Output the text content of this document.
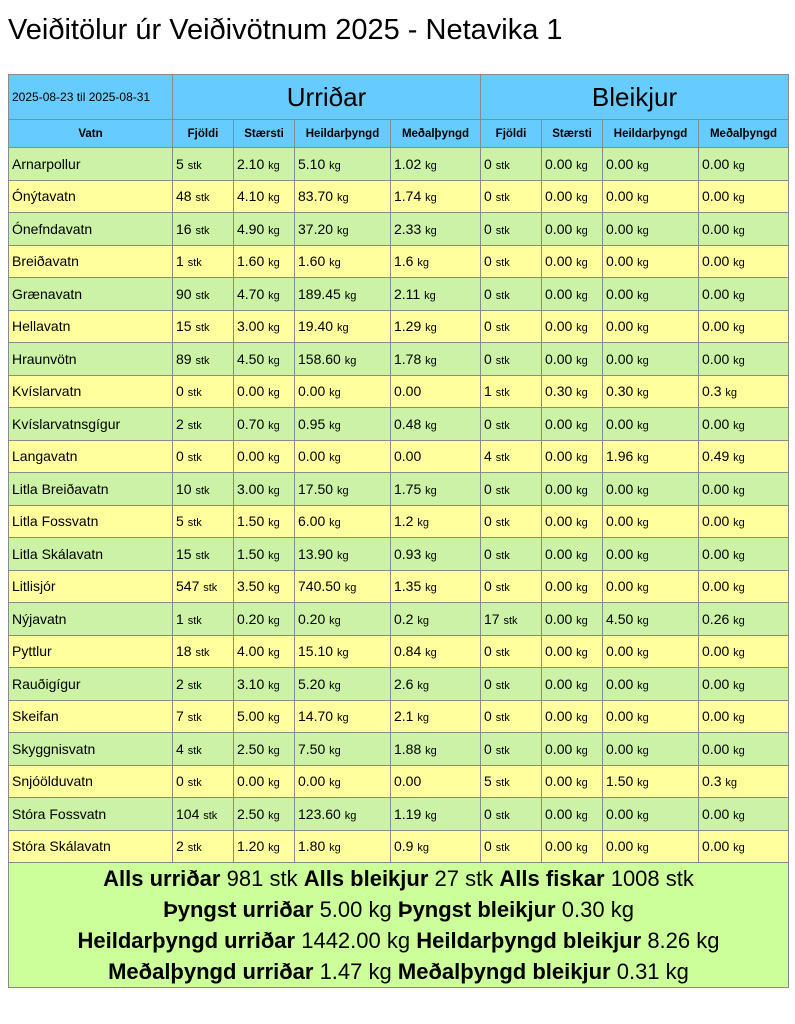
Veiðitölur úr Veiðivötnum 2025 - Netavika 1
2025-08-23 til 2025-08-31	Urriðar				Bleikjur			
Vatn	Fjöldi	Stærsti	Heildarþyngd	Meðalþyngd	Fjöldi	Stærsti	Heildarþyngd	Meðalþyngd
Arnarpollur	5 stk	2.10 kg	5.10 kg	1.02 kg	0 stk	0.00 kg	0.00 kg	0.00 kg
Ónýtavatn	48 stk	4.10 kg	83.70 kg	1.74 kg	0 stk	0.00 kg	0.00 kg	0.00 kg
Ónefndavatn	16 stk	4.90 kg	37.20 kg	2.33 kg	0 stk	0.00 kg	0.00 kg	0.00 kg
Breiðavatn	1 stk	1.60 kg	1.60 kg	1.6 kg	0 stk	0.00 kg	0.00 kg	0.00 kg
Grænavatn	90 stk	4.70 kg	189.45 kg	2.11 kg	0 stk	0.00 kg	0.00 kg	0.00 kg
Hellavatn	15 stk	3.00 kg	19.40 kg	1.29 kg	0 stk	0.00 kg	0.00 kg	0.00 kg
Hraunvötn	89 stk	4.50 kg	158.60 kg	1.78 kg	0 stk	0.00 kg	0.00 kg	0.00 kg
Kvíslarvatn	0 stk	0.00 kg	0.00 kg	0.00	1 stk	0.30 kg	0.30 kg	0.3 kg
Kvíslarvatnsgígur	2 stk	0.70 kg	0.95 kg	0.48 kg	0 stk	0.00 kg	0.00 kg	0.00 kg
Langavatn	0 stk	0.00 kg	0.00 kg	0.00	4 stk	0.00 kg	1.96 kg	0.49 kg
Litla Breiðavatn	10 stk	3.00 kg	17.50 kg	1.75 kg	0 stk	0.00 kg	0.00 kg	0.00 kg
Litla Fossvatn	5 stk	1.50 kg	6.00 kg	1.2 kg	0 stk	0.00 kg	0.00 kg	0.00 kg
Litla Skálavatn	15 stk	1.50 kg	13.90 kg	0.93 kg	0 stk	0.00 kg	0.00 kg	0.00 kg
Litlisjór	547 stk	3.50 kg	740.50 kg	1.35 kg	0 stk	0.00 kg	0.00 kg	0.00 kg
Nýjavatn	1 stk	0.20 kg	0.20 kg	0.2 kg	17 stk	0.00 kg	4.50 kg	0.26 kg
Pyttlur	18 stk	4.00 kg	15.10 kg	0.84 kg	0 stk	0.00 kg	0.00 kg	0.00 kg
Rauðigígur	2 stk	3.10 kg	5.20 kg	2.6 kg	0 stk	0.00 kg	0.00 kg	0.00 kg
Skeifan	7 stk	5.00 kg	14.70 kg	2.1 kg	0 stk	0.00 kg	0.00 kg	0.00 kg
Skyggnisvatn	4 stk	2.50 kg	7.50 kg	1.88 kg	0 stk	0.00 kg	0.00 kg	0.00 kg
Snjóölduvatn	0 stk	0.00 kg	0.00 kg	0.00	5 stk	0.00 kg	1.50 kg	0.3 kg
Stóra Fossvatn	104 stk	2.50 kg	123.60 kg	1.19 kg	0 stk	0.00 kg	0.00 kg	0.00 kg
Stóra Skálavatn	2 stk	1.20 kg	1.80 kg	0.9 kg	0 stk	0.00 kg	0.00 kg	0.00 kg

Alls urriðar 981 stk Alls bleikjur 27 stk Alls fiskar 1008 stk
Þyngst urriðar 5.00 kg Þyngst bleikjur 0.30 kg
Heildarþyngd urriðar 1442.00 kg Heildarþyngd bleikjur 8.26 kg
Meðalþyngd urriðar 1.47 kg Meðalþyngd bleikjur 0.31 kg								
